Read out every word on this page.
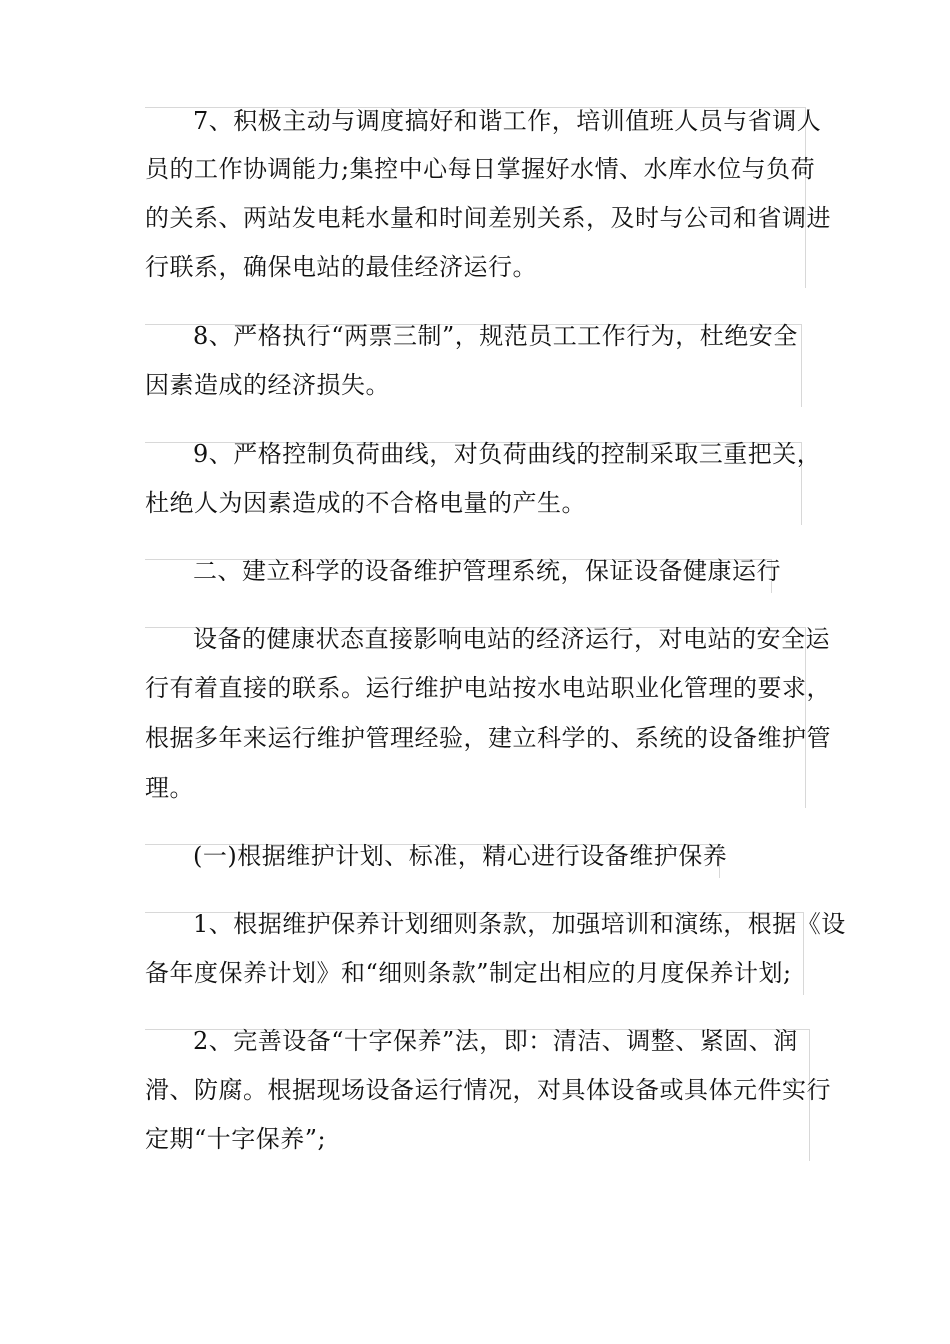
7、积极主动与调度搞好和谐工作，培训值班人员与省调人
员的工作协调能力;集控中心每日掌握好水情、水库水位与负荷
的关系、两站发电耗水量和时间差别关系，及时与公司和省调进
行联系，确保电站的最佳经济运行。
8、严格执行“两票三制”，规范员工工作行为，杜绝安全
因素造成的经济损失。
9、严格控制负荷曲线，对负荷曲线的控制采取三重把关，
杜绝人为因素造成的不合格电量的产生。
二、建立科学的设备维护管理系统，保证设备健康运行
设备的健康状态直接影响电站的经济运行，对电站的安全运
行有着直接的联系。运行维护电站按水电站职业化管理的要求，
根据多年来运行维护管理经验，建立科学的、系统的设备维护管
理。
(一)根据维护计划、标准，精心进行设备维护保养
1、根据维护保养计划细则条款，加强培训和演练，根据《设
备年度保养计划》和“细则条款”制定出相应的月度保养计划;
2、完善设备“十字保养”法，即：清洁、调整、紧固、润
滑、防腐。根据现场设备运行情况，对具体设备或具体元件实行
定期“十字保养”;
